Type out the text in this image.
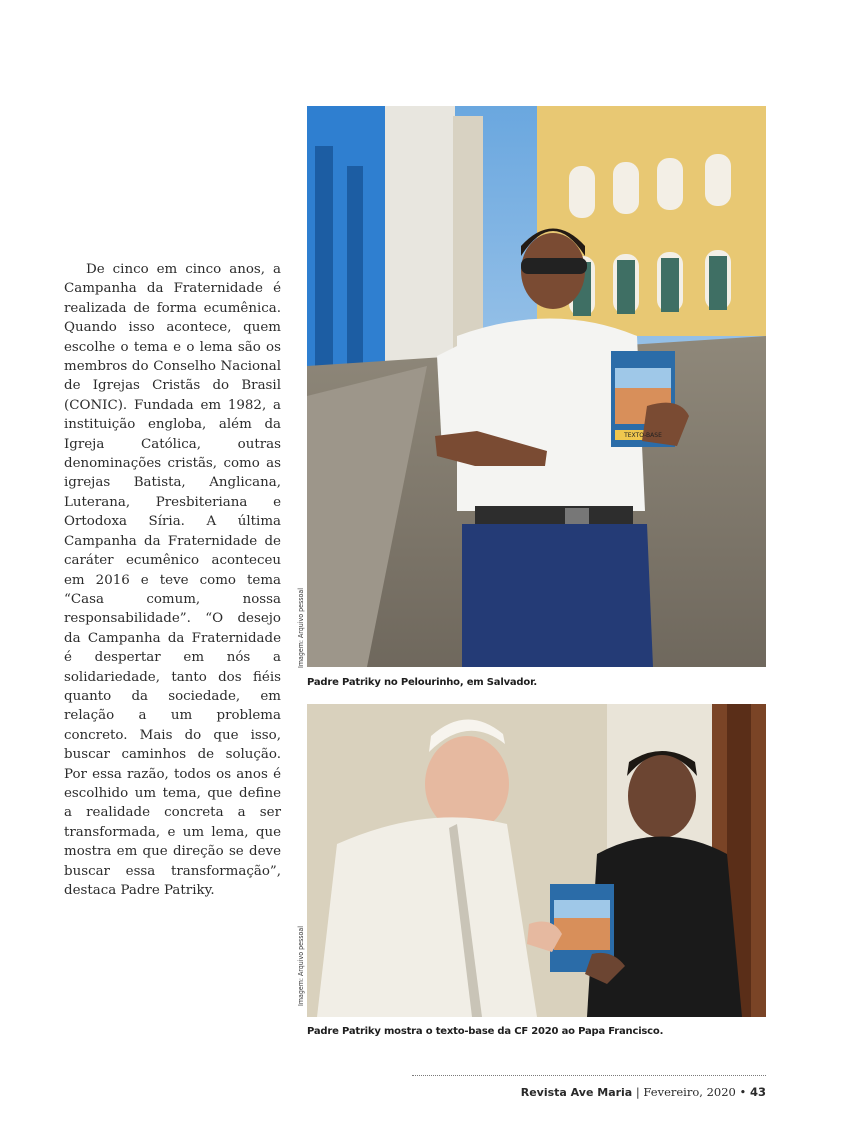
De cinco em cinco anos, a Campanha da Fraternidade é realizada de forma ecumênica. Quando isso acontece, quem escolhe o tema e o lema são os membros do Conselho Nacional de Igrejas Cristãs do Brasil (CONIC). Fundada em 1982, a instituição engloba, além da Igreja Católica, outras denominações cristãs, como as igrejas Batista, Anglicana, Luterana, Presbiteriana e Ortodoxa Síria. A última Campanha da Fraternidade de caráter ecumênico aconteceu em 2016 e teve como tema “Casa comum, nossa responsabilidade”. “O desejo da Campanha da Fraternidade é despertar em nós a solidariedade, tanto dos fiéis quanto da sociedade, em relação a um problema concreto. Mais do que isso, buscar caminhos de solução. Por essa razão, todos os anos é escolhido um tema, que define a realidade concreta a ser transformada, e um lema, que mostra em que direção se deve buscar essa transformação”, destaca Padre Patriky.

TEXTO-BASE
Imagem: Arquivo pessoal
Padre Patriky no Pelourinho, em Salvador.
Imagem: Arquivo pessoal
Padre Patriky mostra o texto-base da CF 2020 ao Papa Francisco.
Revista Ave Maria | Fevereiro, 2020 • 43
